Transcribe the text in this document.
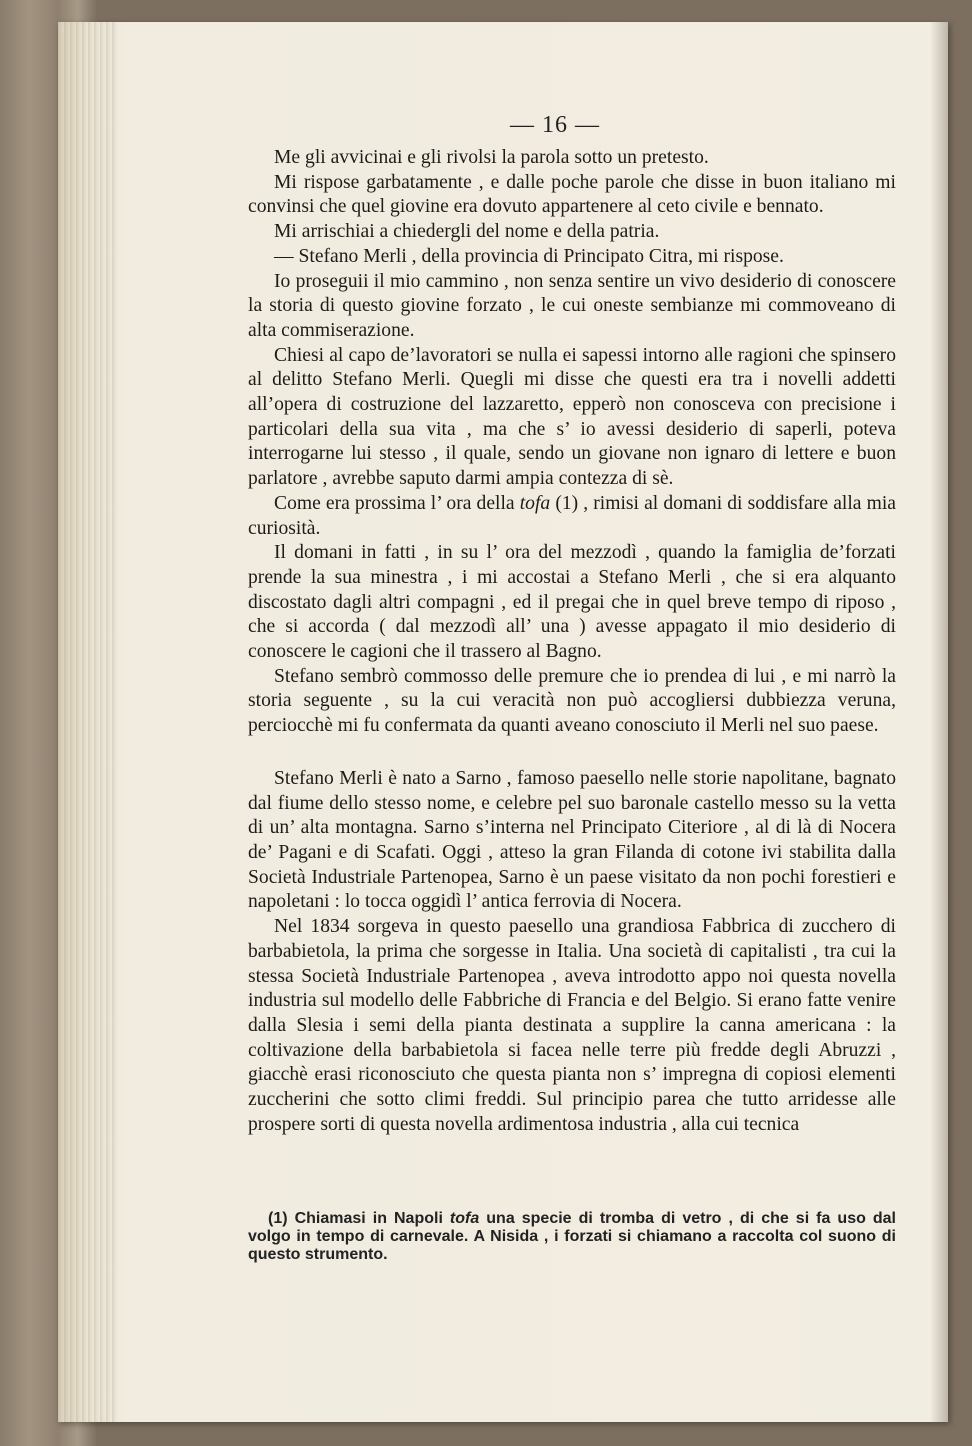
— 16 —

Me gli avvicinai e gli rivolsi la parola sotto un pretesto.

Mi rispose garbatamente , e dalle poche parole che disse in buon italiano mi convinsi che quel giovine era dovuto appartenere al ceto civile e bennato.

Mi arrischiai a chiedergli del nome e della patria.

— Stefano Merli , della provincia di Principato Citra, mi rispose.

Io proseguii il mio cammino , non senza sentire un vivo desiderio di conoscere la storia di questo giovine forzato , le cui oneste sembianze mi commoveano di alta commiserazione.

Chiesi al capo de’lavoratori se nulla ei sapessi intorno alle ragioni che spinsero al delitto Stefano Merli. Quegli mi disse che questi era tra i novelli addetti all’opera di costruzione del lazzaretto, epperò non conosceva con precisione i particolari della sua vita , ma che s’ io avessi desiderio di saperli, poteva interrogarne lui stesso , il quale, sendo un giovane non ignaro di lettere e buon parlatore , avrebbe saputo darmi ampia contezza di sè.

Come era prossima l’ ora della tofa (1) , rimisi al domani di soddisfare alla mia curiosità.

Il domani in fatti , in su l’ ora del mezzodì , quando la famiglia de’forzati prende la sua minestra , i mi accostai a Stefano Merli , che si era alquanto discostato dagli altri compagni , ed il pregai che in quel breve tempo di riposo , che si accorda ( dal mezzodì all’ una ) avesse appagato il mio desiderio di conoscere le cagioni che il trassero al Bagno.

Stefano sembrò commosso delle premure che io prendea di lui , e mi narrò la storia seguente , su la cui veracità non può accogliersi dubbiezza veruna, perciocchè mi fu confermata da quanti aveano conosciuto il Merli nel suo paese.

Stefano Merli è nato a Sarno , famoso paesello nelle storie napolitane, bagnato dal fiume dello stesso nome, e celebre pel suo baronale castello messo su la vetta di un’ alta montagna. Sarno s’interna nel Principato Citeriore , al di là di Nocera de’ Pagani e di Scafati. Oggi , atteso la gran Filanda di cotone ivi stabilita dalla Società Industriale Partenopea, Sarno è un paese visitato da non pochi forestieri e napoletani : lo tocca oggidì l’ antica ferrovia di Nocera.

Nel 1834 sorgeva in questo paesello una grandiosa Fabbrica di zucchero di barbabietola, la prima che sorgesse in Italia. Una società di capitalisti , tra cui la stessa Società Industriale Partenopea , aveva introdotto appo noi questa novella industria sul modello delle Fabbriche di Francia e del Belgio. Si erano fatte venire dalla Slesia i semi della pianta destinata a supplire la canna americana : la coltivazione della barbabietola si facea nelle terre più fredde degli Abruzzi , giacchè erasi riconosciuto che questa pianta non s’ impregna di copiosi elementi zuccherini che sotto climi freddi. Sul principio parea che tutto arridesse alle prospere sorti di questa novella ardimentosa industria , alla cui tecnica

(1) Chiamasi in Napoli tofa una specie di tromba di vetro , di che si fa uso dal volgo in tempo di carnevale. A Nisida , i forzati si chiamano a raccolta col suono di questo strumento.
